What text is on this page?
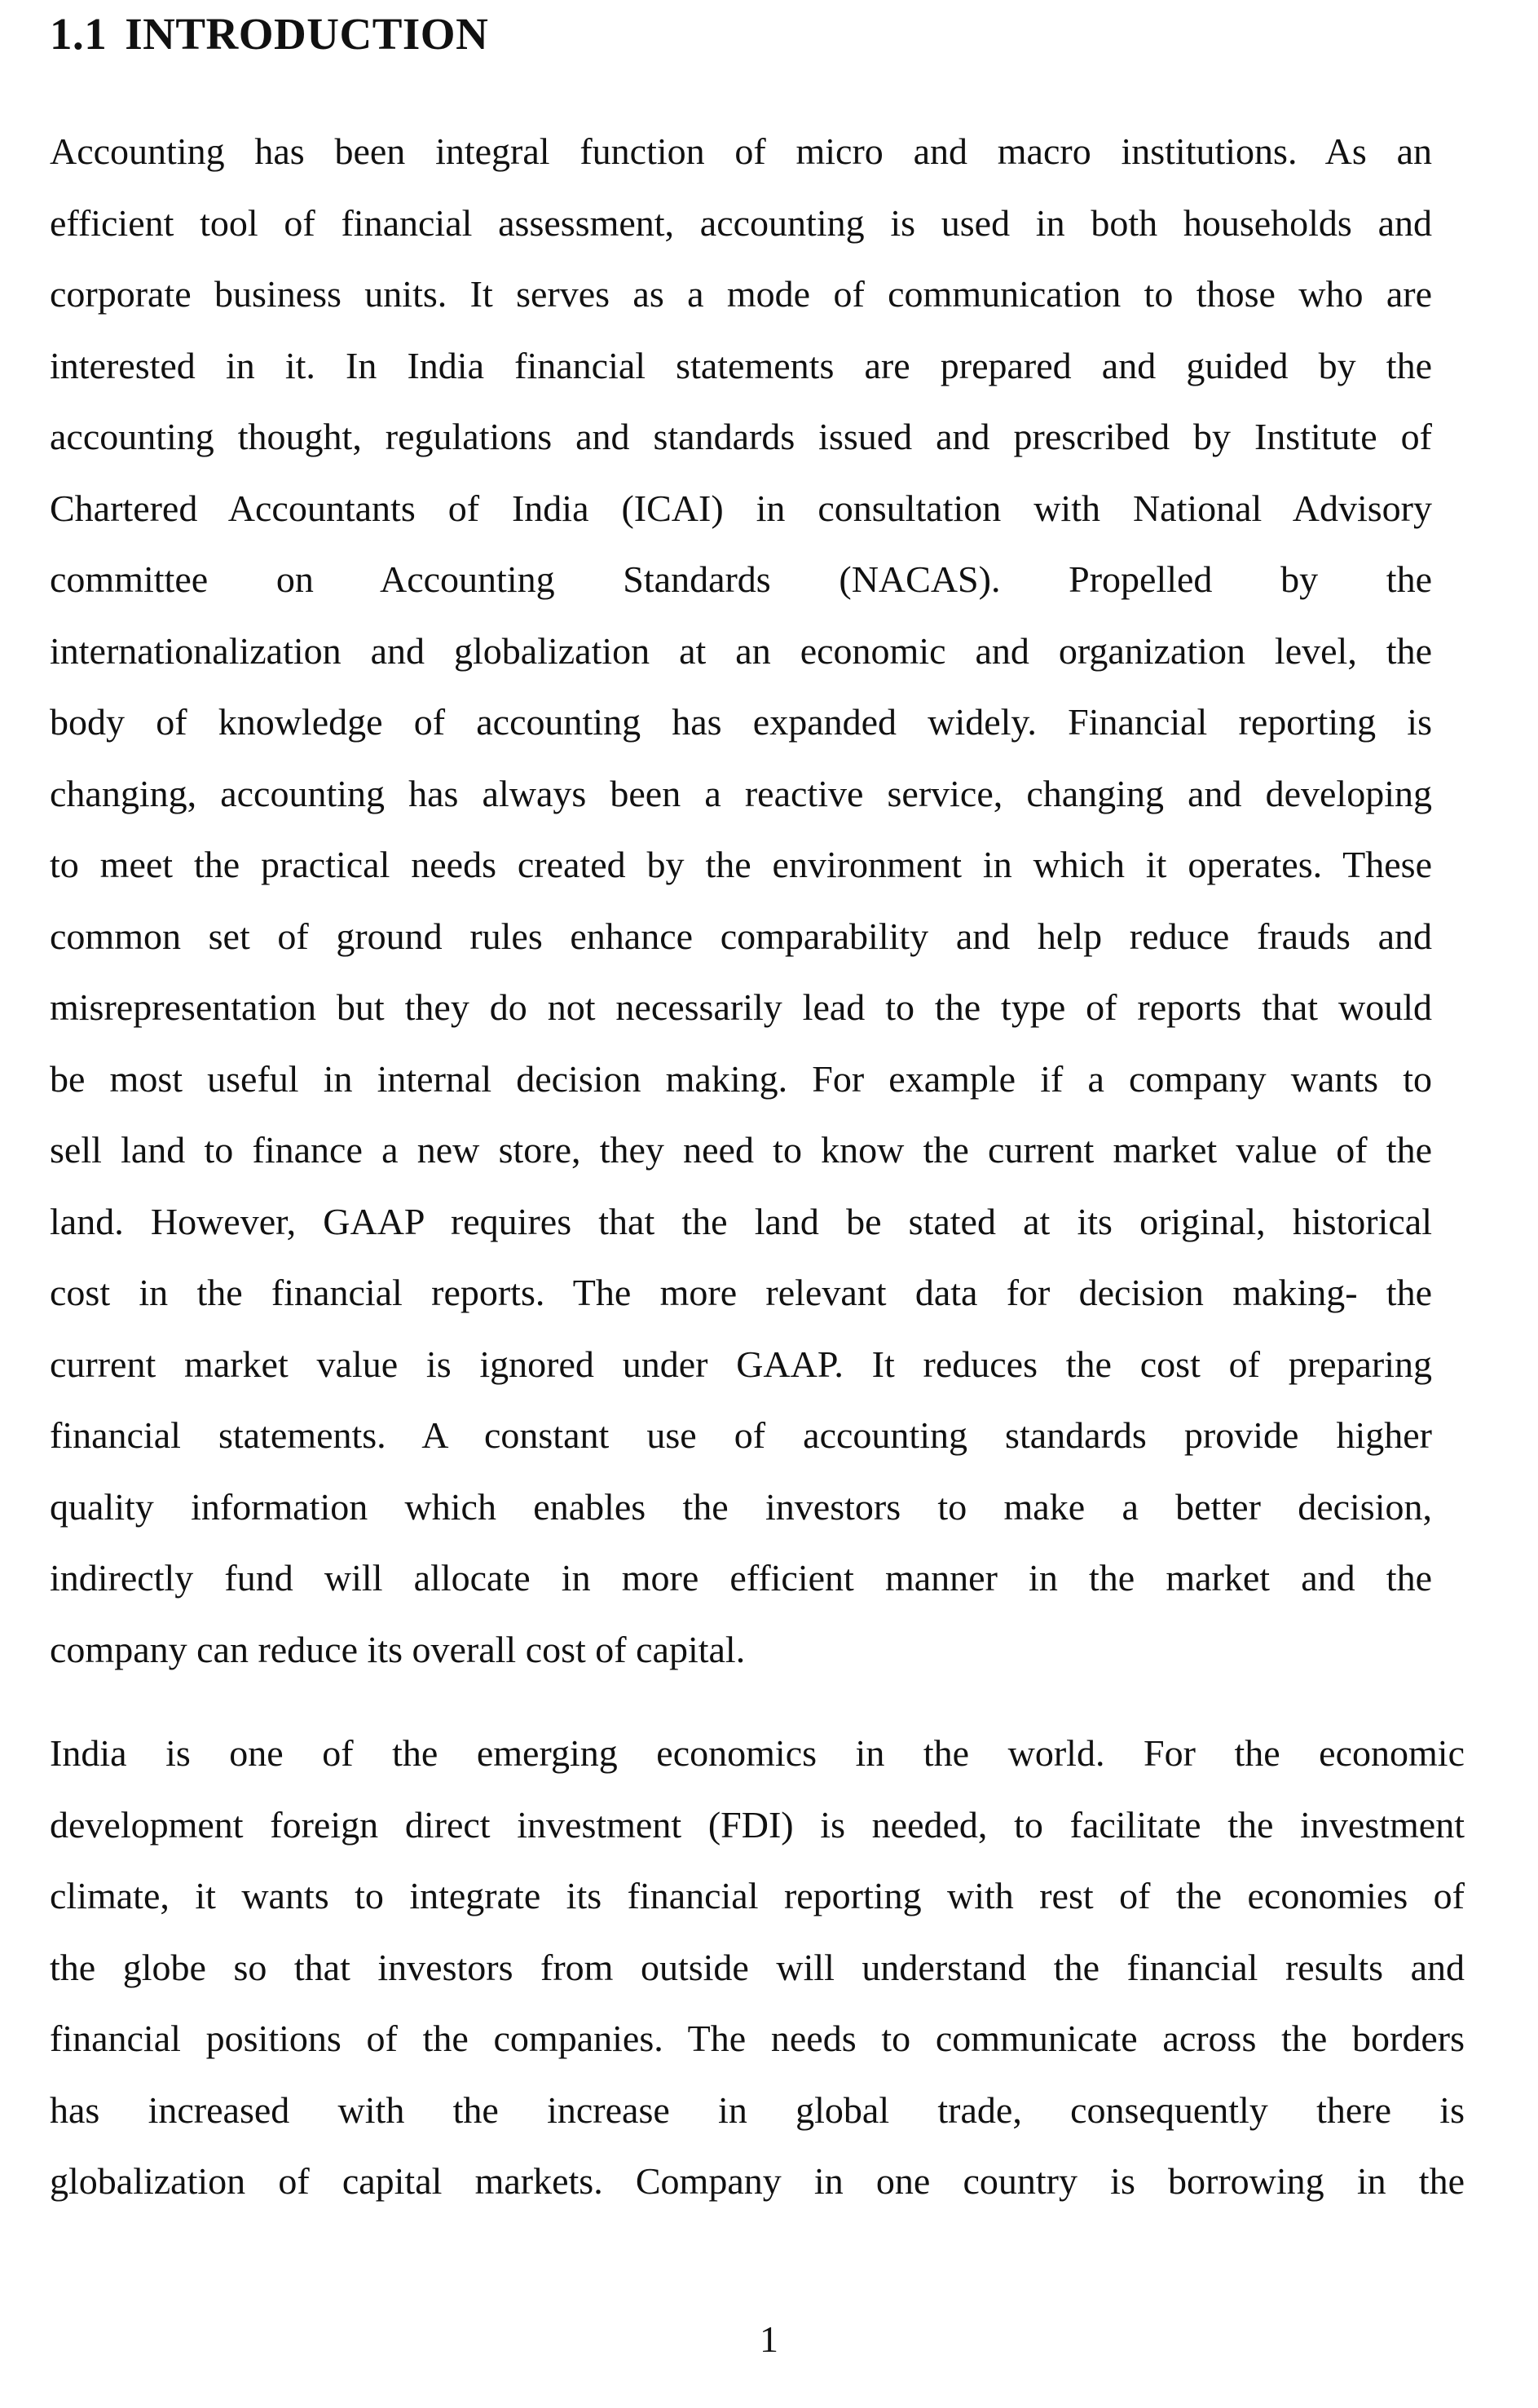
1.1 INTRODUCTION
Accounting has been integral function of micro and macro institutions. As an
efficient tool of financial assessment, accounting is used in both households and
corporate business units. It serves as a mode of communication to those who are
interested in it. In India financial statements are prepared and guided by the
accounting thought, regulations and standards issued and prescribed by Institute of
Chartered Accountants of India (ICAI) in consultation with National Advisory
committee on Accounting Standards (NACAS). Propelled by the
internationalization and globalization at an economic and organization level, the
body of knowledge of accounting has expanded widely. Financial reporting is
changing, accounting has always been a reactive service, changing and developing
to meet the practical needs created by the environment in which it operates. These
common set of ground rules enhance comparability and help reduce frauds and
misrepresentation but they do not necessarily lead to the type of reports that would
be most useful in internal decision making. For example if a company wants to
sell land to finance a new store, they need to know the current market value of the
land. However, GAAP requires that the land be stated at its original, historical
cost in the financial reports. The more relevant data for decision making- the
current market value is ignored under GAAP. It reduces the cost of preparing
financial statements. A constant use of accounting standards provide higher
quality information which enables the investors to make a better decision,
indirectly fund will allocate in more efficient manner in the market and the
company can reduce its overall cost of capital.
India is one of the emerging economics in the world. For the economic
development foreign direct investment (FDI) is needed, to facilitate the investment
climate, it wants to integrate its financial reporting with rest of the economies of
the globe so that investors from outside will understand the financial results and
financial positions of the companies. The needs to communicate across the borders
has increased with the increase in global trade, consequently there is
globalization of capital markets. Company in one country is borrowing in the

1
